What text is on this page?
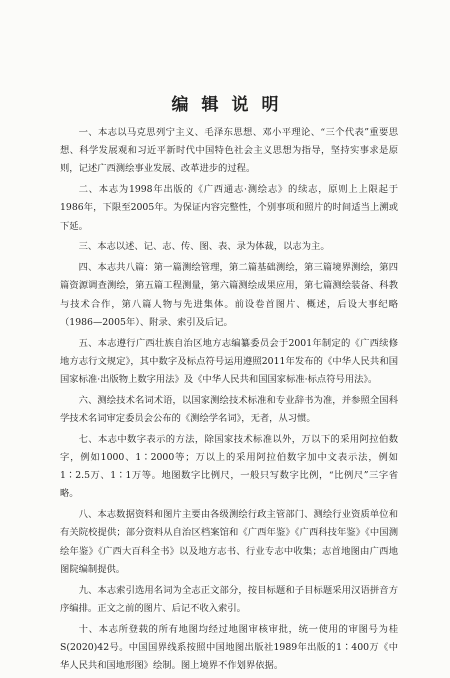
编辑说明

一、本志以马克思列宁主义、毛泽东思想、邓小平理论、“三个代表”重要思想、科学发展观和习近平新时代中国特色社会主义思想为指导，坚持实事求是原则，记述广西测绘事业发展、改革进步的过程。

二、本志为1998年出版的《广西通志·测绘志》的续志，原则上上限起于1986年，下限至2005年。为保证内容完整性，个别事项和照片的时间适当上溯或下延。

三、本志以述、记、志、传、图、表、录为体裁，以志为主。

四、本志共八篇：第一篇测绘管理，第二篇基础测绘，第三篇境界测绘，第四篇资源调查测绘，第五篇工程测量，第六篇测绘成果应用，第七篇测绘装备、科教与技术合作，第八篇人物与先进集体。前设卷首图片、概述，后设大事纪略（1986—2005年）、附录、索引及后记。

五、本志遵行广西壮族自治区地方志编纂委员会于2001年制定的《广西续修地方志行文规定》，其中数字及标点符号运用遵照2011年发布的《中华人民共和国国家标准·出版物上数字用法》及《中华人民共和国国家标准·标点符号用法》。

六、测绘技术名词术语，以国家测绘技术标准和专业辞书为准，并参照全国科学技术名词审定委员会公布的《测绘学名词》，无者，从习惯。

七、本志中数字表示的方法，除国家技术标准以外，万以下的采用阿拉伯数字，例如1000、1∶2000等；万以上的采用阿拉伯数字加中文表示法，例如1∶2.5万、1∶1万等。地图数字比例尺，一般只写数字比例，“比例尺”三字省略。

八、本志数据资料和图片主要由各级测绘行政主管部门、测绘行业资质单位和有关院校提供；部分资料从自治区档案馆和《广西年鉴》《广西科技年鉴》《中国测绘年鉴》《广西大百科全书》以及地方志书、行业专志中收集；志首地图由广西地图院编制提供。

九、本志索引选用名词为全志正文部分，按目标题和子目标题采用汉语拼音方序编排。正文之前的图片、后记不收入索引。

十、本志所登载的所有地图均经过地图审核审批，统一使用的审图号为桂S(2020)42号。中国国界线系按照中国地图出版社1989年出版的1∶400万《中华人民共和国地形图》绘制。图上境界不作划界依据。
